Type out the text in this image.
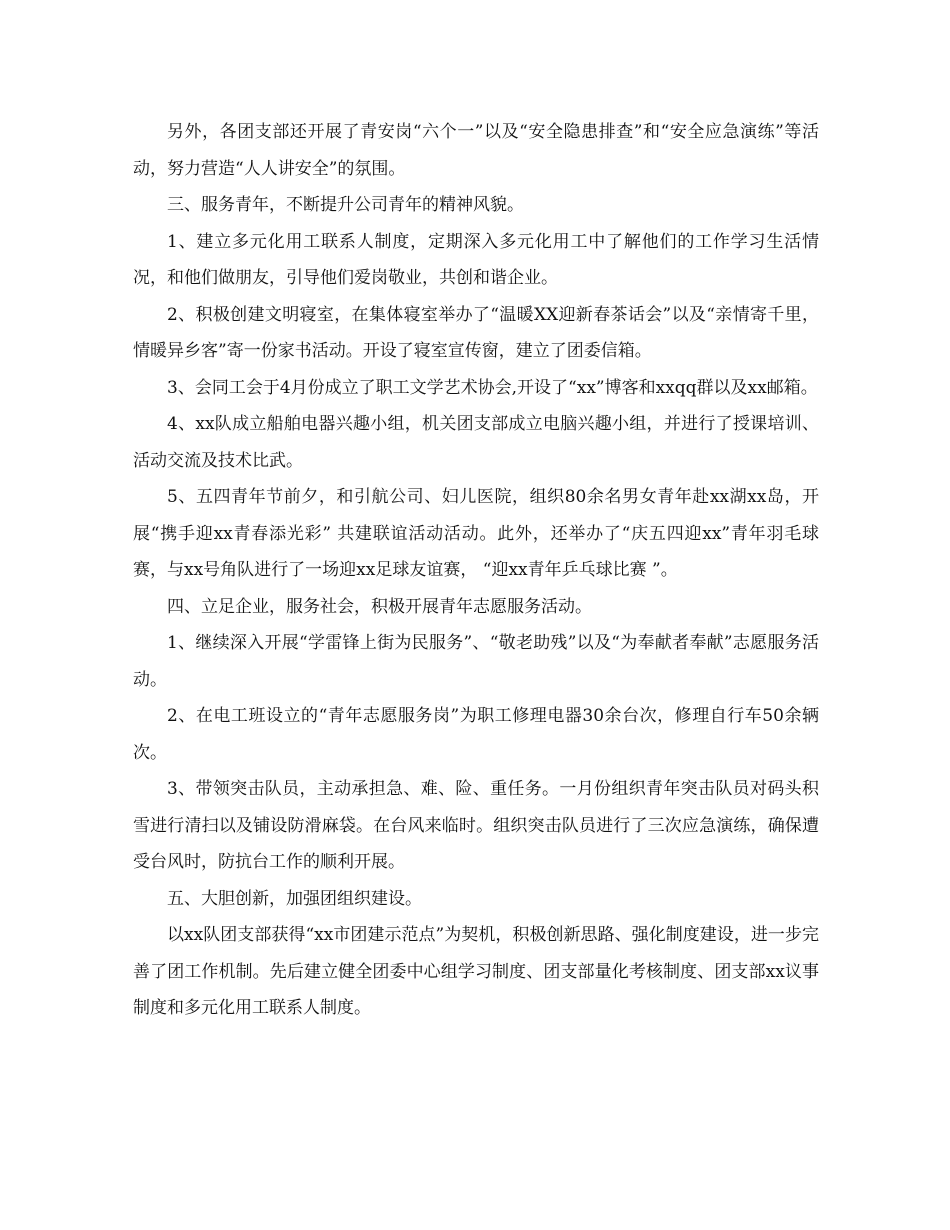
另外，各团支部还开展了青安岗“六个一”以及“安全隐患排查”和“安全应急演练”等活动，努力营造“人人讲安全”的氛围。

三、服务青年，不断提升公司青年的精神风貌。

1、建立多元化用工联系人制度，定期深入多元化用工中了解他们的工作学习生活情况，和他们做朋友，引导他们爱岗敬业，共创和谐企业。

2、积极创建文明寝室，在集体寝室举办了“温暖XX迎新春茶话会”以及“亲情寄千里，情暖异乡客”寄一份家书活动。开设了寝室宣传窗，建立了团委信箱。

3、会同工会于4月份成立了职工文学艺术协会,开设了“xx”博客和xxqq群以及xx邮箱。

4、xx队成立船舶电器兴趣小组，机关团支部成立电脑兴趣小组，并进行了授课培训、活动交流及技术比武。

5、五四青年节前夕，和引航公司、妇儿医院，组织80余名男女青年赴xx湖xx岛，开展“携手迎xx青春添光彩” 共建联谊活动活动。此外，还举办了“庆五四迎xx”青年羽毛球赛，与xx号角队进行了一场迎xx足球友谊赛， “迎xx青年乒乓球比赛 ”。

四、立足企业，服务社会，积极开展青年志愿服务活动。

1、继续深入开展“学雷锋上街为民服务”、“敬老助残”以及“为奉献者奉献”志愿服务活动。

2、在电工班设立的“青年志愿服务岗”为职工修理电器30余台次，修理自行车50余辆次。

3、带领突击队员，主动承担急、难、险、重任务。一月份组织青年突击队员对码头积雪进行清扫以及铺设防滑麻袋。在台风来临时。组织突击队员进行了三次应急演练，确保遭受台风时，防抗台工作的顺利开展。

五、大胆创新，加强团组织建设。

以xx队团支部获得“xx市团建示范点”为契机，积极创新思路、强化制度建设，进一步完善了团工作机制。先后建立健全团委中心组学习制度、团支部量化考核制度、团支部xx议事制度和多元化用工联系人制度。
